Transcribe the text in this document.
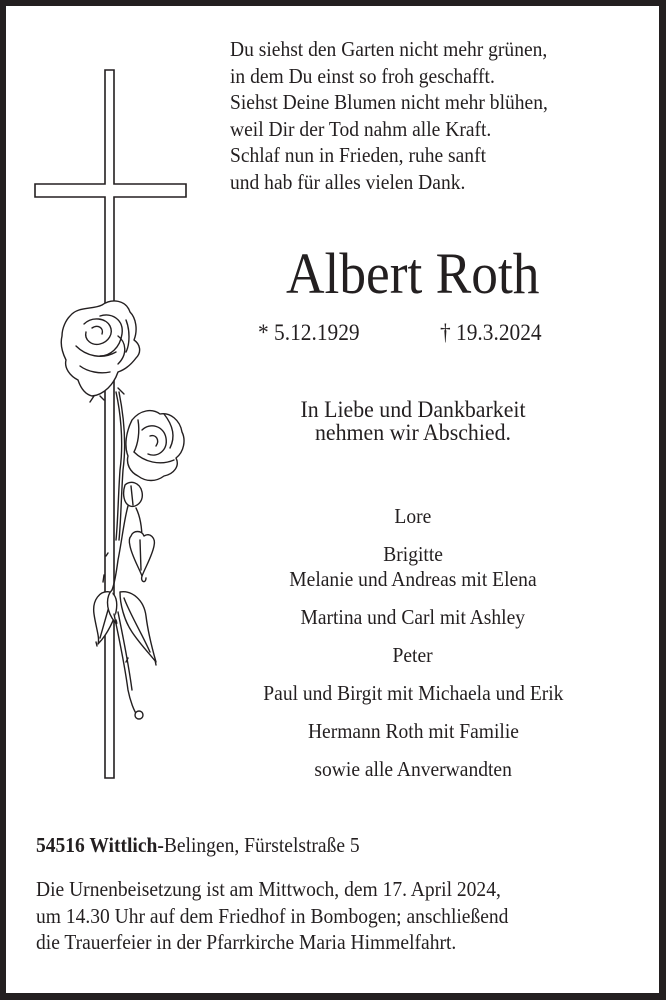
Du siehst den Garten nicht mehr grünen,
in dem Du einst so froh geschafft.
Siehst Deine Blumen nicht mehr blühen,
weil Dir der Tod nahm alle Kraft.
Schlaf nun in Frieden, ruhe sanft
und hab für alles vielen Dank.
Albert Roth
* 5.12.1929	† 19.3.2024
In Liebe und Dankbarkeit
nehmen wir Abschied.
Lore
Brigitte
Melanie und Andreas mit Elena
Martina und Carl mit Ashley
Peter
Paul und Birgit mit Michaela und Erik
Hermann Roth mit Familie
sowie alle Anverwandten
54516 Wittlich-Belingen, Fürstelstraße 5
Die Urnenbeisetzung ist am Mittwoch, dem 17. April 2024,
um 14.30 Uhr auf dem Friedhof in Bombogen; anschließend
die Trauerfeier in der Pfarrkirche Maria Himmelfahrt.
